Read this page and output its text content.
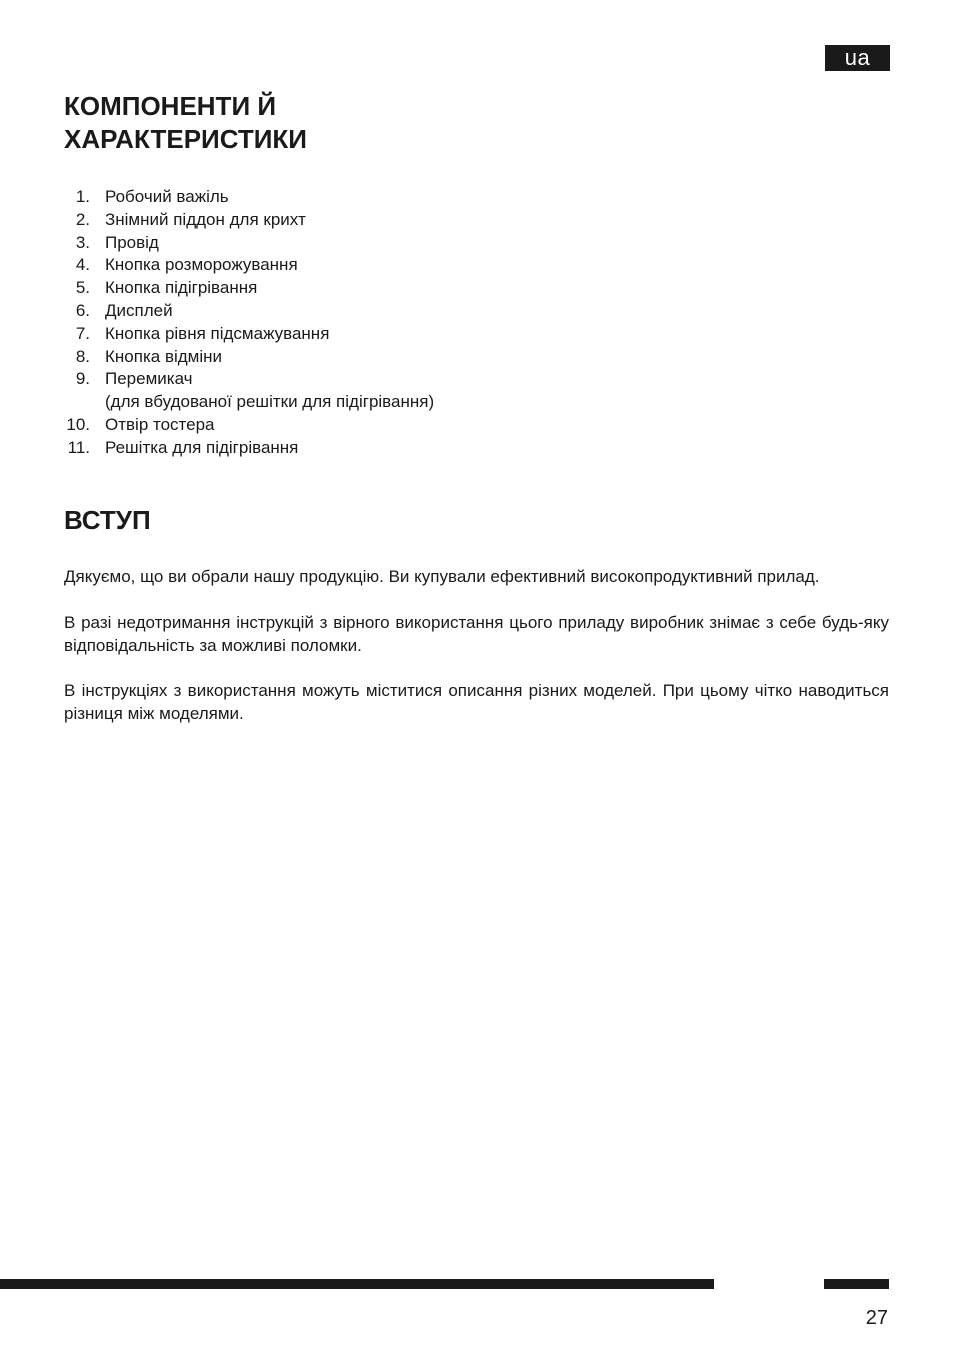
ua
КОМПОНЕНТИ Й
ХАРАКТЕРИСТИКИ
1. Робочий важіль
2. Знімний піддон для крихт
3. Провід
4. Кнопка розморожування
5. Кнопка підігрівання
6. Дисплей
7. Кнопка рівня підсмажування
8. Кнопка відміни
9. Перемикач
(для вбудованої решітки для підігрівання)
10. Отвір тостера
11. Решітка для підігрівання
ВСТУП

Дякуємо, що ви обрали нашу продукцію. Ви купували ефективний високопродуктивний прилад.

В разі недотримання інструкцій з вірного використання цього приладу виробник знімає з себе будь-яку відповідальність за можливі поломки.

В інструкціях з використання можуть міститися описання різних моделей. При цьому чітко наводиться різниця між моделями.

27
